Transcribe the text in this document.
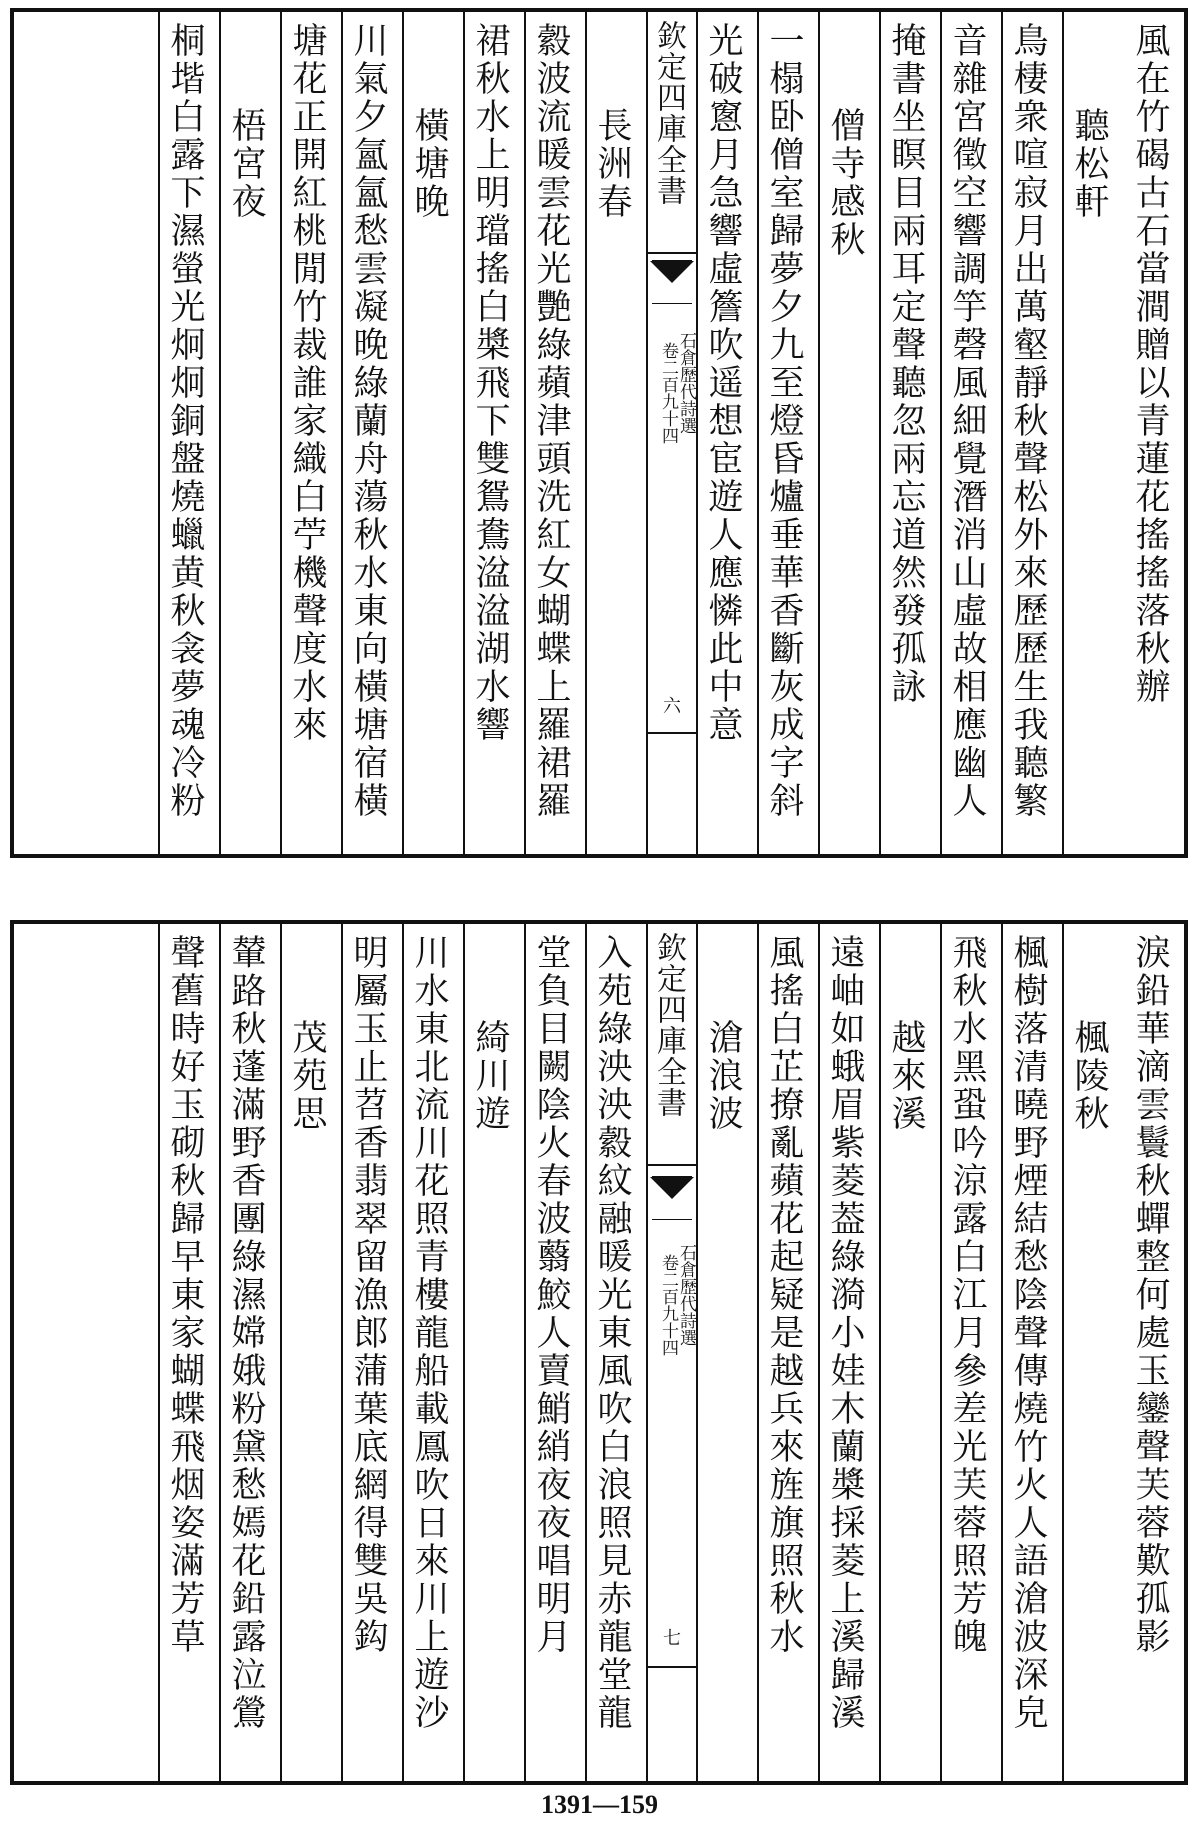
風在竹碣古石當澗贈以青蓮花搖搖落秋辦
聽松軒
鳥棲衆喧寂月出萬壑靜秋聲松外來歷歷生我聽繁
音雜宮徵空響調竽磬風細覺潛消山虛故相應幽人
掩書坐瞑目兩耳定聲聽忽兩忘道然發孤詠
僧寺感秋
一榻卧僧室歸夢夕九至燈昏爐垂華香斷灰成字斜
光破窻月急響虛簷吹遥想宦遊人應憐此中意
欽定四庫全書
石倉歷代詩選
卷二百九十四
六
長洲春
縠波流暖雲花光艷綠蘋津頭洗紅女蝴蝶上羅裙羅
裙秋水上明璫搖白槳飛下雙鴛鴦湓湓湖水響
橫塘晚
川氣夕氳氳愁雲凝晚綠蘭舟蕩秋水東向橫塘宿橫
塘花正開紅桃閒竹裁誰家織白苧機聲度水來
梧宮夜
桐堦白露下濕螢光炯炯銅盤燒蠟黄秋衾夢魂冷粉
淚鉛華滴雲鬟秋蟬整何處玉鑾聲芙蓉歎孤影
楓陵秋
楓樹落清曉野煙結愁陰聲傳燒竹火人語滄波深皃
飛秋水黑蛩吟涼露白江月參差光芙蓉照芳魄
越來溪
遠岫如蛾眉紫菱葢綠漪小娃木蘭槳採菱上溪歸溪
風搖白芷撩亂蘋花起疑是越兵來旌旗照秋水
滄浪波
欽定四庫全書
石倉歷代詩選
卷二百九十四
七
入苑綠泱泱縠紋融暖光東風吹白浪照見赤龍堂龍
堂負目闕陰火春波蘙鮫人賣鮹綃夜夜唱明月
綺川遊
川水東北流川花照青樓龍船載鳳吹日來川上遊沙
明屬玉止苕香翡翠留漁郎蒲葉底網得雙吳鈎
茂苑思
輦路秋蓬滿野香團綠濕嫦娥粉黛愁嫣花鉛露泣鶯
聲舊時好玉砌秋歸早東家蝴蝶飛烟姿滿芳草
1391—159
